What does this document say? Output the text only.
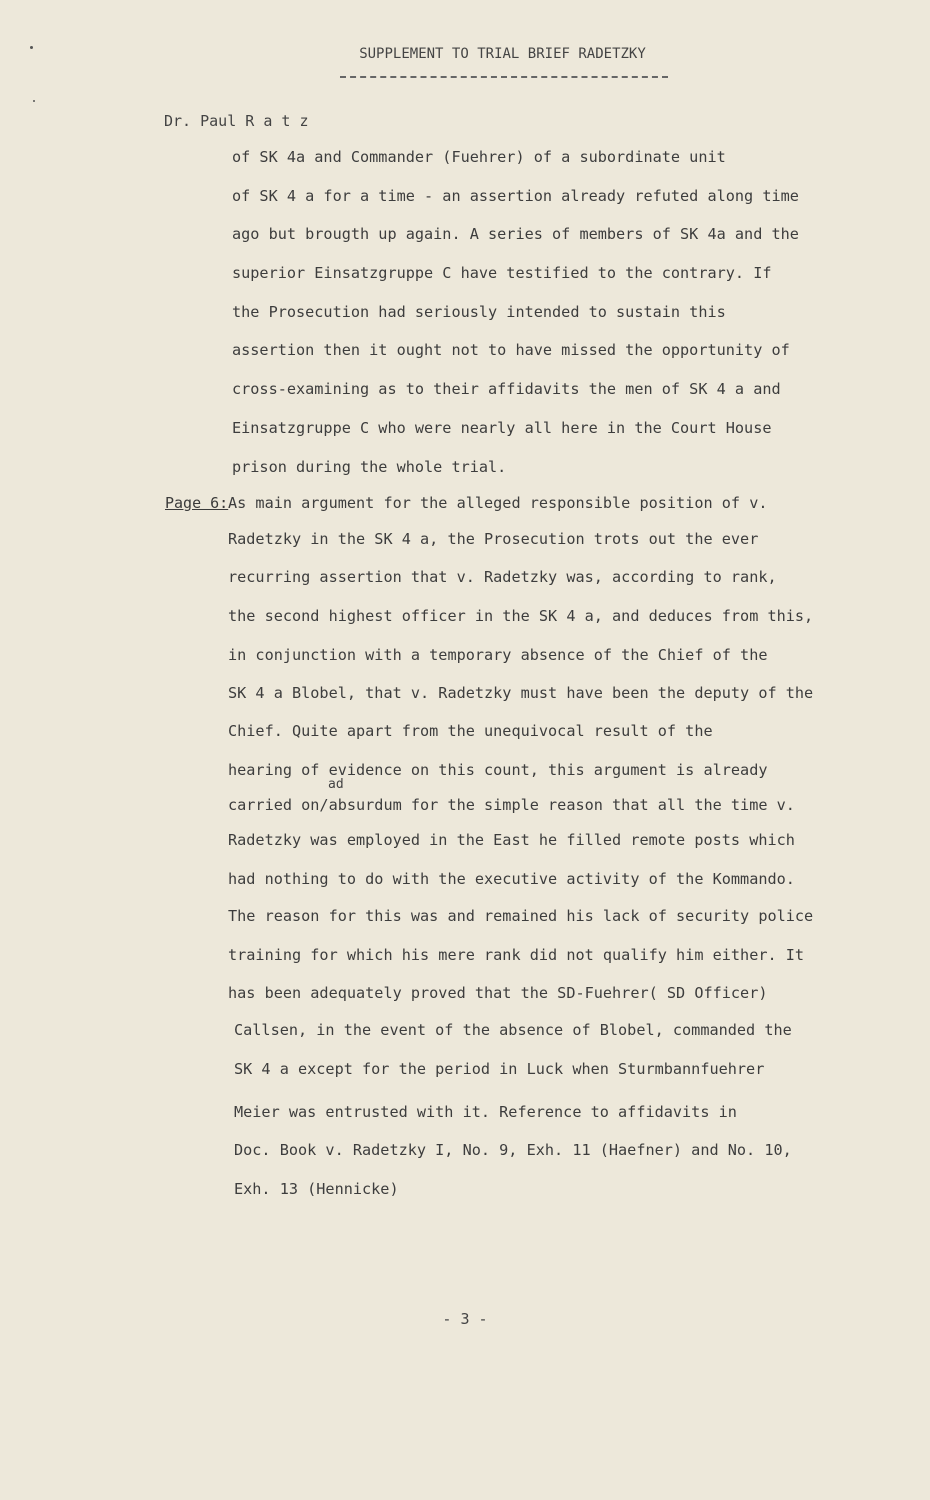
SUPPLEMENT TO TRIAL BRIEF RADETZKY
Dr. Paul R a t z
of SK 4a and Commander (Fuehrer) of a subordinate unit
of SK 4 a for a time - an assertion already refuted along time
ago but brougth up again. A series of members of SK 4a and the
superior Einsatzgruppe C have testified to the contrary. If
the Prosecution had seriously intended to sustain this
assertion then it ought not to have missed the opportunity of
cross-examining as to their affidavits the men of SK 4 a and
Einsatzgruppe C who were nearly all here in the Court House
prison during the whole trial.
Page 6: As main argument for the alleged responsible position of v.
Radetzky in the SK 4 a, the Prosecution trots out the ever
recurring assertion that v. Radetzky was, according to rank,
the second highest officer in the SK 4 a, and deduces from this,
in conjunction with a temporary absence of the Chief of the
SK 4 a Blobel, that v. Radetzky must have been the deputy of the
Chief. Quite apart from the unequivocal result of the
hearing of evidence on this count, this argument is already
ad
carried on/absurdum for the simple reason that all the time v.
Radetzky was employed in the East he filled remote posts which
had nothing to do with the executive activity of the Kommando.
The reason for this was and remained his lack of security police
training for which his mere rank did not qualify him either. It
has been adequately proved that the SD-Fuehrer( SD Officer)
Callsen, in the event of the absence of Blobel, commanded the
SK 4 a except for the period in Luck when Sturmbannfuehrer
Meier was entrusted with it. Reference to affidavits in
Doc. Book v. Radetzky I, No. 9, Exh. 11 (Haefner) and No. 10,
Exh. 13 (Hennicke)
- 3 -
